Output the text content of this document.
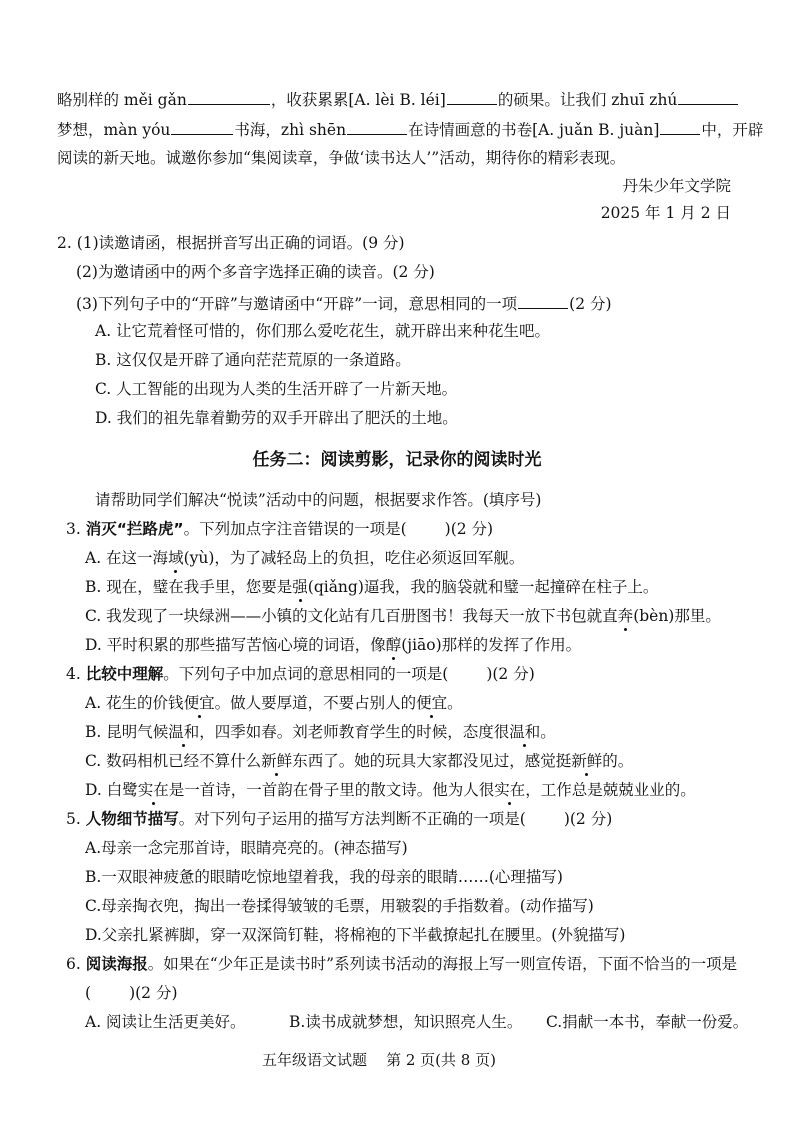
略别样的 měi gǎn	，收获累累[A. lèi B. léi]	的硕果。让我们 zhuī zhú
梦想，màn yóu	书海，zhì shēn	在诗情画意的书卷[A. juǎn B. juàn]	中，开辟
阅读的新天地。诚邀你参加“集阅读章，争做‘读书达人’”活动，期待你的精彩表现。
丹朱少年文学院
2025 年 1 月 2 日
2. (1)读邀请函，根据拼音写出正确的词语。(9 分)
(2)为邀请函中的两个多音字选择正确的读音。(2 分)
(3)下列句子中的“开辟”与邀请函中“开辟”一词，意思相同的一项	(2 分)
A. 让它荒着怪可惜的，你们那么爱吃花生，就开辟出来种花生吧。
B. 这仅仅是开辟了通向茫茫荒原的一条道路。
C. 人工智能的出现为人类的生活开辟了一片新天地。
D. 我们的祖先靠着勤劳的双手开辟出了肥沃的土地。
任务二：阅读剪影，记录你的阅读时光
请帮助同学们解决“悦读”活动中的问题，根据要求作答。(填序号)
3. 消灭“拦路虎”。下列加点字注音错误的一项是( )(2 分)
A. 在这一海域(yù)，为了减轻岛上的负担，吃住必须返回军舰。
B. 现在，璧在我手里，您要是强(qiǎng)逼我，我的脑袋就和璧一起撞碎在柱子上。
C. 我发现了一块绿洲——小镇的文化站有几百册图书！我每天一放下书包就直奔(bèn)那里。
D. 平时积累的那些描写苦恼心境的词语，像醇(jiāo)那样的发挥了作用。
4. 比较中理解。下列句子中加点词的意思相同的一项是( )(2 分)
A. 花生的价钱便宜。做人要厚道，不要占别人的便宜。
B. 昆明气候温和，四季如春。刘老师教育学生的时候，态度很温和。
C. 数码相机已经不算什么新鲜东西了。她的玩具大家都没见过，感觉挺新鲜的。
D. 白鹭实在是一首诗，一首韵在骨子里的散文诗。他为人很实在，工作总是兢兢业业的。
5. 人物细节描写。对下列句子运用的描写方法判断不正确的一项是( )(2 分)
A.母亲一念完那首诗，眼睛亮亮的。(神态描写)
B.一双眼神疲惫的眼睛吃惊地望着我，我的母亲的眼睛……(心理描写)
C.母亲掏衣兜，掏出一卷揉得皱皱的毛票，用皲裂的手指数着。(动作描写)
D.父亲扎紧裤脚，穿一双深筒钉鞋，将棉袍的下半截撩起扎在腰里。(外貌描写)
6. 阅读海报。如果在“少年正是读书时”系列读书活动的海报上写一则宣传语，下面不恰当的一项是
( )(2 分)
A. 阅读让生活更美好。	B.读书成就梦想，知识照亮人生。 C.捐献一本书，奉献一份爱。
五年级语文试题 第 2 页(共 8 页)
